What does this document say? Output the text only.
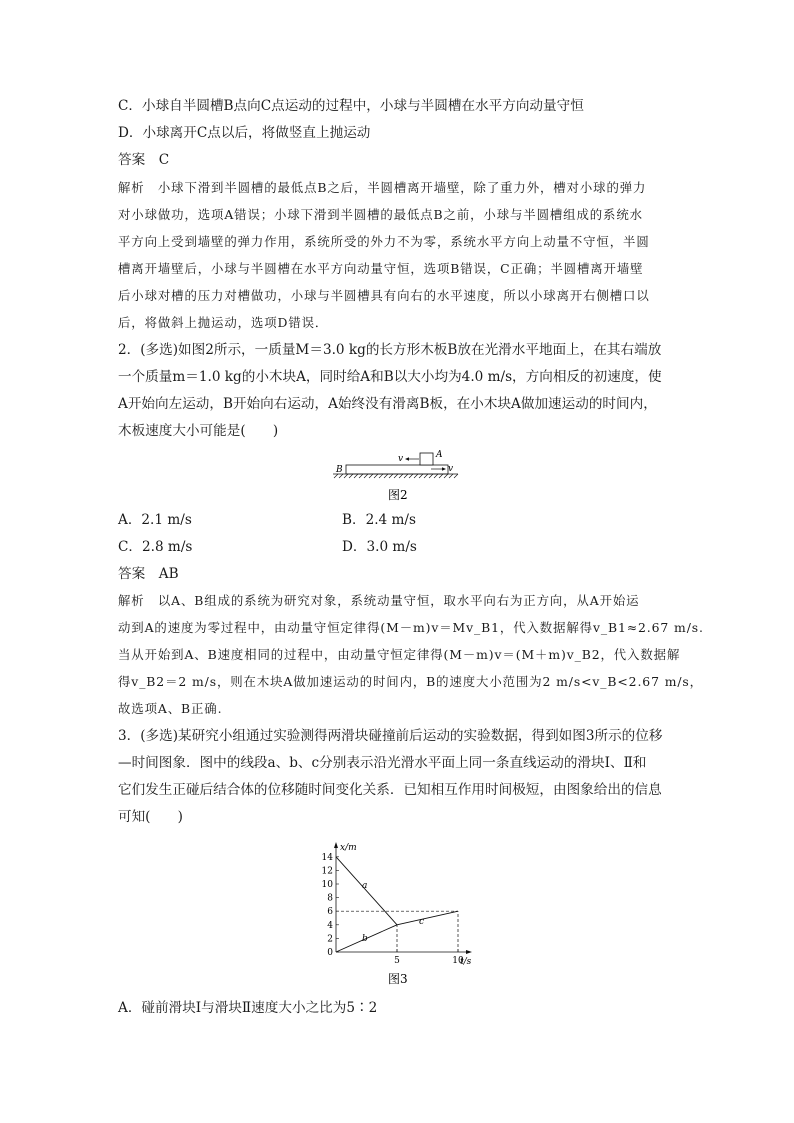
C．小球自半圆槽B点向C点运动的过程中，小球与半圆槽在水平方向动量守恒
D．小球离开C点以后，将做竖直上抛运动
答案　C
解析　小球下滑到半圆槽的最低点B之后，半圆槽离开墙壁，除了重力外，槽对小球的弹力
对小球做功，选项A错误；小球下滑到半圆槽的最低点B之前，小球与半圆槽组成的系统水
平方向上受到墙壁的弹力作用，系统所受的外力不为零，系统水平方向上动量不守恒，半圆
槽离开墙壁后，小球与半圆槽在水平方向动量守恒，选项B错误，C正确；半圆槽离开墙壁
后小球对槽的压力对槽做功，小球与半圆槽具有向右的水平速度，所以小球离开右侧槽口以
后，将做斜上抛运动，选项D错误．
2．(多选)如图2所示，一质量M＝3.0 kg的长方形木板B放在光滑水平地面上，在其右端放
一个质量m＝1.0 kg的小木块A，同时给A和B以大小均为4.0 m/s，方向相反的初速度，使
A开始向左运动，B开始向右运动，A始终没有滑离B板，在小木块A做加速运动的时间内，
木板速度大小可能是(　　)
v
v
A
B
图2
A．2.1 m/s	B．2.4 m/s
C．2.8 m/s	D．3.0 m/s
答案　AB
解析　以A、B组成的系统为研究对象，系统动量守恒，取水平向右为正方向，从A开始运
动到A的速度为零过程中，由动量守恒定律得(M－m)v＝Mv_B1，代入数据解得v_B1≈2.67 m/s.
当从开始到A、B速度相同的过程中，由动量守恒定律得(M－m)v＝(M＋m)v_B2，代入数据解
得v_B2＝2 m/s，则在木块A做加速运动的时间内，B的速度大小范围为2 m/s<v_B<2.67 m/s，
故选项A、B正确.
3．(多选)某研究小组通过实验测得两滑块碰撞前后运动的实验数据，得到如图3所示的位移
—时间图象．图中的线段a、b、c分别表示沿光滑水平面上同一条直线运动的滑块Ⅰ、Ⅱ和
它们发生正碰后结合体的位移随时间变化关系．已知相互作用时间极短，由图象给出的信息
可知(　　)
x/m
t/s
0
2
4
6
8
10
12
14
5	10
a
b
c
图3
A．碰前滑块Ⅰ与滑块Ⅱ速度大小之比为5∶2
